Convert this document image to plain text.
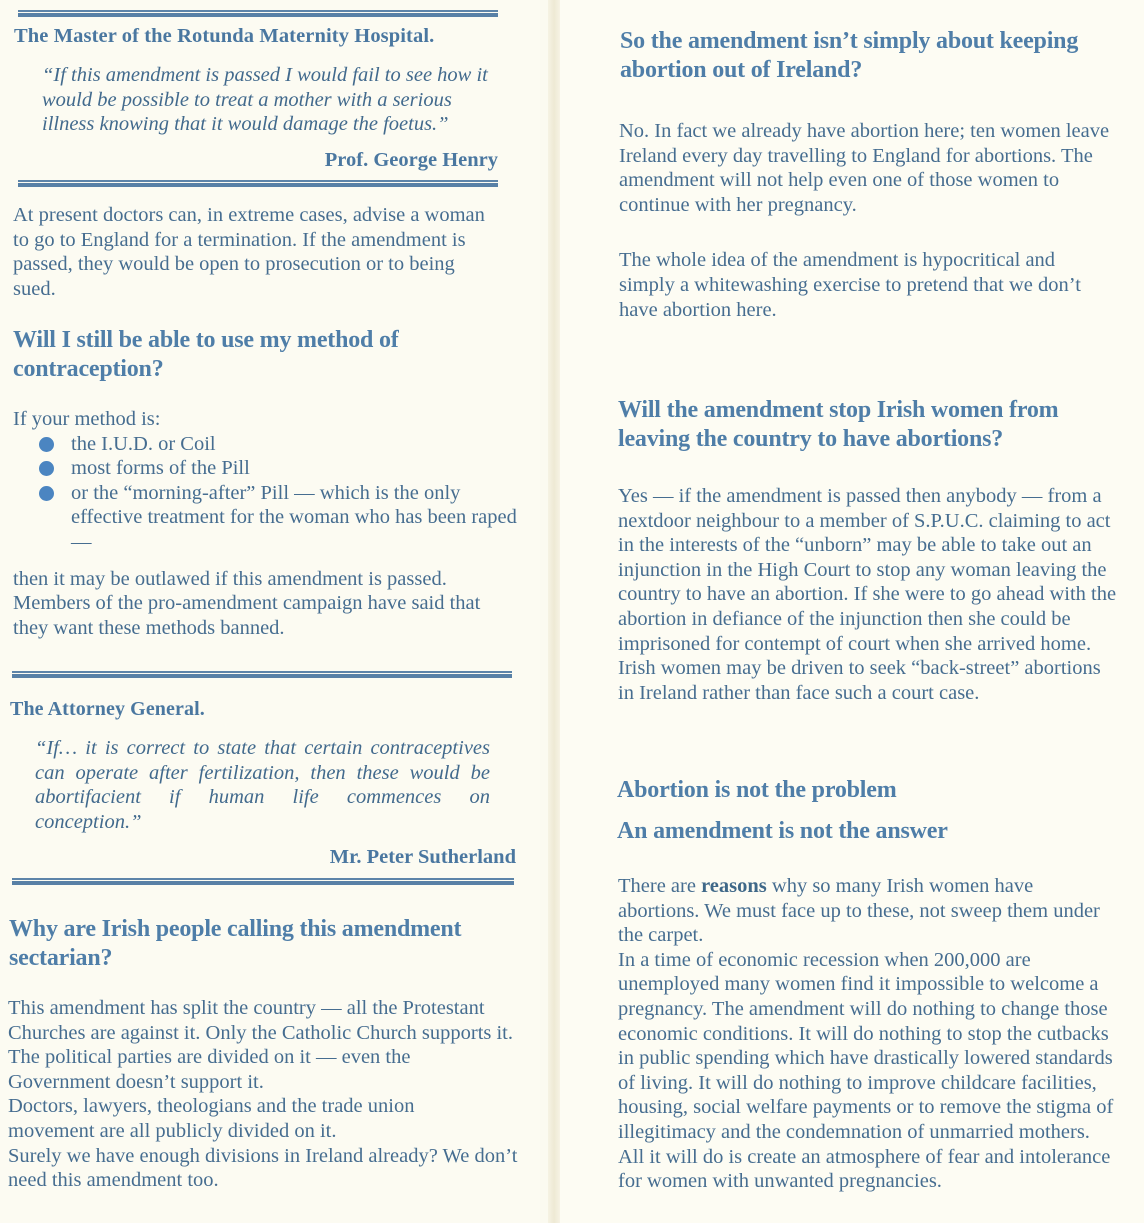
The Master of the Rotunda Maternity Hospital.
“If this amendment is passed I would fail to see how it would be possible to treat a mother with a serious illness knowing that it would damage the foetus.”
Prof. George Henry
At present doctors can, in extreme cases, advise a woman to go to England for a termination. If the amendment is passed, they would be open to prosecution or to being sued.
Will I still be able to use my method of contraception?

If your method is:

the I.U.D. or Coil
most forms of the Pill
or the “morning-after” Pill — which is the only effective treatment for the woman who has been raped —

then it may be outlawed if this amendment is passed. Members of the pro-amendment campaign have said that they want these methods banned.

The Attorney General.
“If… it is correct to state that certain contraceptives can operate after fertilization, then these would be abortifacient if human life commences on conception.”
Mr. Peter Sutherland
Why are Irish people calling this amendment sectarian?

This amendment has split the country — all the Protestant Churches are against it. Only the Catholic Church supports it.

The political parties are divided on it — even the Government doesn’t support it.

Doctors, lawyers, theologians and the trade union movement are all publicly divided on it.

Surely we have enough divisions in Ireland already? We don’t need this amendment too.

So the amendment isn’t simply about keeping abortion out of Ireland?

No. In fact we already have abortion here; ten women leave Ireland every day travelling to England for abortions. The amendment will not help even one of those women to continue with her pregnancy.

The whole idea of the amendment is hypocritical and simply a whitewashing exercise to pretend that we don’t have abortion here.

Will the amendment stop Irish women from leaving the country to have abortions?

Yes — if the amendment is passed then anybody — from a nextdoor neighbour to a member of S.P.U.C. claiming to act in the interests of the “unborn” may be able to take out an injunction in the High Court to stop any woman leaving the country to have an abortion. If she were to go ahead with the abortion in defiance of the injunction then she could be imprisoned for contempt of court when she arrived home.

Irish women may be driven to seek “back-street” abortions in Ireland rather than face such a court case.

Abortion is not the problem
An amendment is not the answer

There are reasons why so many Irish women have abortions. We must face up to these, not sweep them under the carpet.

In a time of economic recession when 200,000 are unemployed many women find it impossible to welcome a pregnancy. The amendment will do nothing to change those economic conditions. It will do nothing to stop the cutbacks in public spending which have drastically lowered standards of living. It will do nothing to improve childcare facilities, housing, social welfare payments or to remove the stigma of illegitimacy and the condemnation of unmarried mothers.

All it will do is create an atmosphere of fear and intolerance for women with unwanted pregnancies.
